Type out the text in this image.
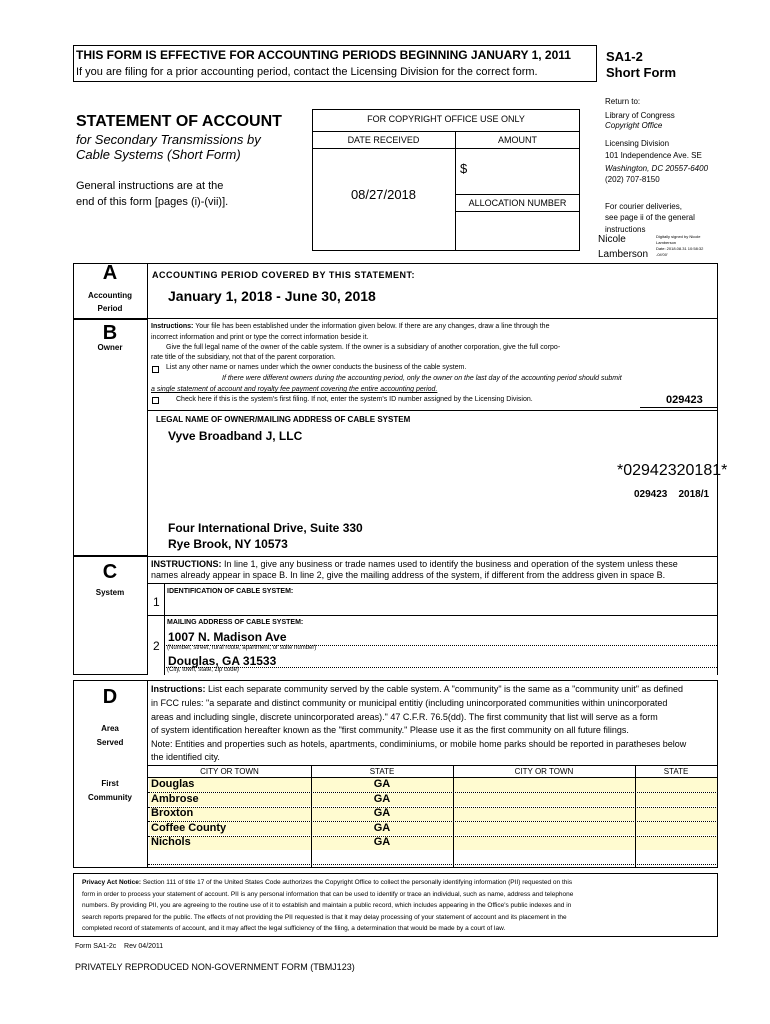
THIS FORM IS EFFECTIVE FOR ACCOUNTING PERIODS BEGINNING JANUARY 1, 2011
If you are filing for a prior accounting period, contact the Licensing Division for the correct form.
SA1-2
Short Form
STATEMENT OF ACCOUNT
for Secondary Transmissions by
Cable Systems (Short Form)
General instructions are at the
end of this form [pages (i)-(vii)].
FOR COPYRIGHT OFFICE USE ONLY
DATE RECEIVED	AMOUNT
$
08/27/2018
ALLOCATION NUMBER
Return to:
Library of Congress
Copyright Office
Licensing Division
101 Independence Ave. SE
Washington, DC 20557-6400
(202) 707-8150
For courier deliveries,
see page ii of the general
instructions
Nicole
Lamberson
Digitally signed by Nicole
Lamberson
Date: 2018.08.31 10:58:32
-04'00'
A
Accounting
Period
ACCOUNTING PERIOD COVERED BY THIS STATEMENT:
January 1, 2018 - June 30, 2018
B
Owner
Instructions: Your file has been established under the information given below. If there are any changes, draw a line through the
incorrect information and print or type the correct information beside it.
Give the full legal name of the owner of the cable system. If the owner is a subsidiary of another corporation, give the full corpo-
rate title of the subsidiary, not that of the parent corporation.
List any other name or names under which the owner conducts the business of the cable system.
If there were different owners during the accounting period, only the owner on the last day of the accounting period should submit
a single statement of account and royalty fee payment covering the entire accounting period.
Check here if this is the system's first filing. If not, enter the system's ID number assigned by the Licensing Division.	029423
LEGAL NAME OF OWNER/MAILING ADDRESS OF CABLE SYSTEM
Vyve Broadband J, LLC
*02942320181*
029423    2018/1
Four International Drive, Suite 330
Rye Brook, NY 10573
C
System
INSTRUCTIONS: In line 1, give any business or trade names used to identify the business and operation of the system unless these
names already appear in space B. In line 2, give the mailing address of the system, if different from the address given in space B.
1
IDENTIFICATION OF CABLE SYSTEM:
2
MAILING ADDRESS OF CABLE SYSTEM:
1007 N. Madison Ave
(Number, street, rural route, apartment, or suite number)
Douglas, GA 31533
(City, town, state, zip code)
D
Area
Served
First
Community
Instructions: List each separate community served by the cable system. A "community" is the same as a "community unit" as defined
in FCC rules: "a separate and distinct community or municipal entitiy (including unincorporated communities within unincorporated
areas and including single, discrete unincorporated areas)." 47 C.F.R. 76.5(dd). The first community that list will serve as a form
of system identification hereafter known as the "first community." Please use it as the first community on all future filings.
Note: Entities and properties such as hotels, apartments, condiminiums, or mobile home parks should be reported in paratheses below
the identified city.
CITY OR TOWN	STATE	CITY OR TOWN	STATE
Douglas	GA
Ambrose	GA
Broxton	GA
Coffee County	GA
Nichols	GA
Privacy Act Notice: Section 111 of title 17 of the United States Code authorizes the Copyright Office to collect the personally identifying information (PII) requested on this
form in order to process your statement of account. PII is any personal information that can be used to identify or trace an individual, such as name, address and telephone
numbers. By providing PII, you are agreeing to the routine use of it to establish and maintain a public record, which includes appearing in the Office's public indexes and in
search reports prepared for the public. The effects of not providing the PII requested is that it may delay processing of your statement of account and its placement in the
completed record of statements of account, and it may affect the legal sufficiency of the filing, a determination that would be made by a court of law.
Form SA1-2c    Rev 04/2011
PRIVATELY REPRODUCED NON-GOVERNMENT FORM (TBMJ123)
